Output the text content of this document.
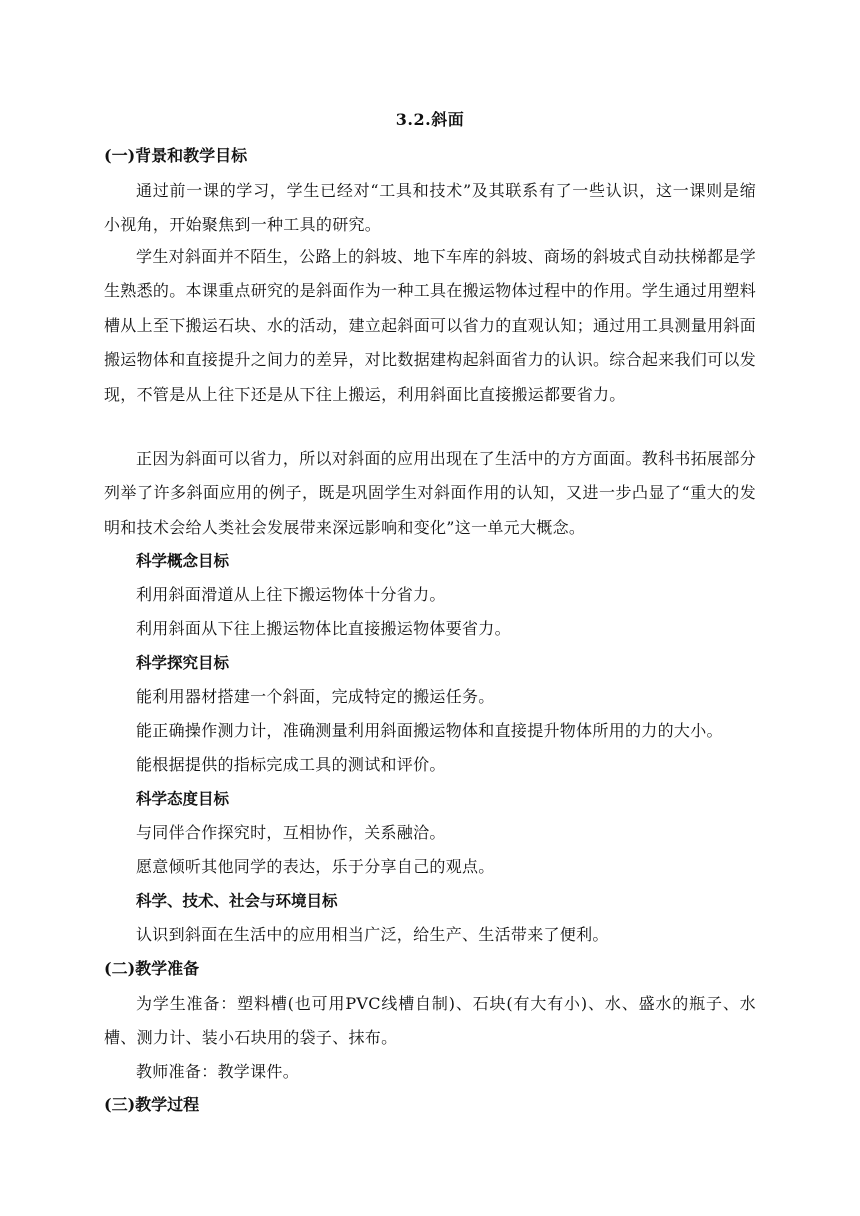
3.2.斜面
(一)背景和教学目标
通过前一课的学习，学生已经对“工具和技术”及其联系有了一些认识，这一课则是缩小视角，开始聚焦到一种工具的研究。
学生对斜面并不陌生，公路上的斜坡、地下车库的斜坡、商场的斜坡式自动扶梯都是学生熟悉的。本课重点研究的是斜面作为一种工具在搬运物体过程中的作用。学生通过用塑料槽从上至下搬运石块、水的活动，建立起斜面可以省力的直观认知；通过用工具测量用斜面搬运物体和直接提升之间力的差异，对比数据建构起斜面省力的认识。综合起来我们可以发现，不管是从上往下还是从下往上搬运，利用斜面比直接搬运都要省力。
正因为斜面可以省力，所以对斜面的应用出现在了生活中的方方面面。教科书拓展部分列举了许多斜面应用的例子，既是巩固学生对斜面作用的认知，又进一步凸显了“重大的发明和技术会给人类社会发展带来深远影响和变化”这一单元大概念。
科学概念目标
利用斜面滑道从上往下搬运物体十分省力。
利用斜面从下往上搬运物体比直接搬运物体要省力。
科学探究目标
能利用器材搭建一个斜面，完成特定的搬运任务。
能正确操作测力计，准确测量利用斜面搬运物体和直接提升物体所用的力的大小。
能根据提供的指标完成工具的测试和评价。
科学态度目标
与同伴合作探究时，互相协作，关系融洽。
愿意倾听其他同学的表达，乐于分享自己的观点。
科学、技术、社会与环境目标
认识到斜面在生活中的应用相当广泛，给生产、生活带来了便利。
(二)教学准备
为学生准备：塑料槽(也可用PVC线槽自制)、石块(有大有小)、水、盛水的瓶子、水槽、测力计、装小石块用的袋子、抹布。
教师准备：教学课件。
(三)教学过程
